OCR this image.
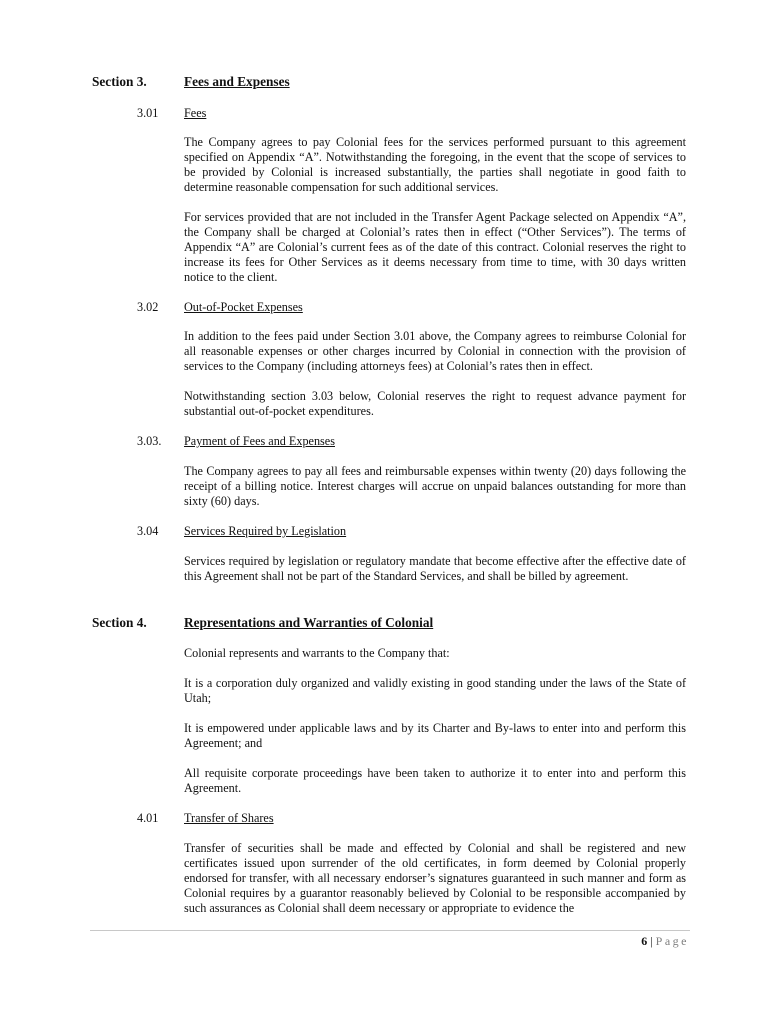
Section 3.	Fees and Expenses
3.01 Fees
The Company agrees to pay Colonial fees for the services performed pursuant to this agreement specified on Appendix “A”. Notwithstanding the foregoing, in the event that the scope of services to be provided by Colonial is increased substantially, the parties shall negotiate in good faith to determine reasonable compensation for such additional services.
For services provided that are not included in the Transfer Agent Package selected on Appendix “A”, the Company shall be charged at Colonial’s rates then in effect (“Other Services”). The terms of Appendix “A” are Colonial’s current fees as of the date of this contract. Colonial reserves the right to increase its fees for Other Services as it deems necessary from time to time, with 30 days written notice to the client.
3.02 Out-of-Pocket Expenses
In addition to the fees paid under Section 3.01 above, the Company agrees to reimburse Colonial for all reasonable expenses or other charges incurred by Colonial in connection with the provision of services to the Company (including attorneys fees) at Colonial’s rates then in effect.
Notwithstanding section 3.03 below, Colonial reserves the right to request advance payment for substantial out-of-pocket expenditures.
3.03. Payment of Fees and Expenses
The Company agrees to pay all fees and reimbursable expenses within twenty (20) days following the receipt of a billing notice. Interest charges will accrue on unpaid balances outstanding for more than sixty (60) days.
3.04 Services Required by Legislation
Services required by legislation or regulatory mandate that become effective after the effective date of this Agreement shall not be part of the Standard Services, and shall be billed by agreement.
Section 4.	Representations and Warranties of Colonial
Colonial represents and warrants to the Company that:
It is a corporation duly organized and validly existing in good standing under the laws of the State of Utah;
It is empowered under applicable laws and by its Charter and By-laws to enter into and perform this Agreement; and
All requisite corporate proceedings have been taken to authorize it to enter into and perform this Agreement.
4.01 Transfer of Shares
Transfer of securities shall be made and effected by Colonial and shall be registered and new certificates issued upon surrender of the old certificates, in form deemed by Colonial properly endorsed for transfer, with all necessary endorser’s signatures guaranteed in such manner and form as Colonial requires by a guarantor reasonably believed by Colonial to be responsible accompanied by such assurances as Colonial shall deem necessary or appropriate to evidence the
6 | Page
